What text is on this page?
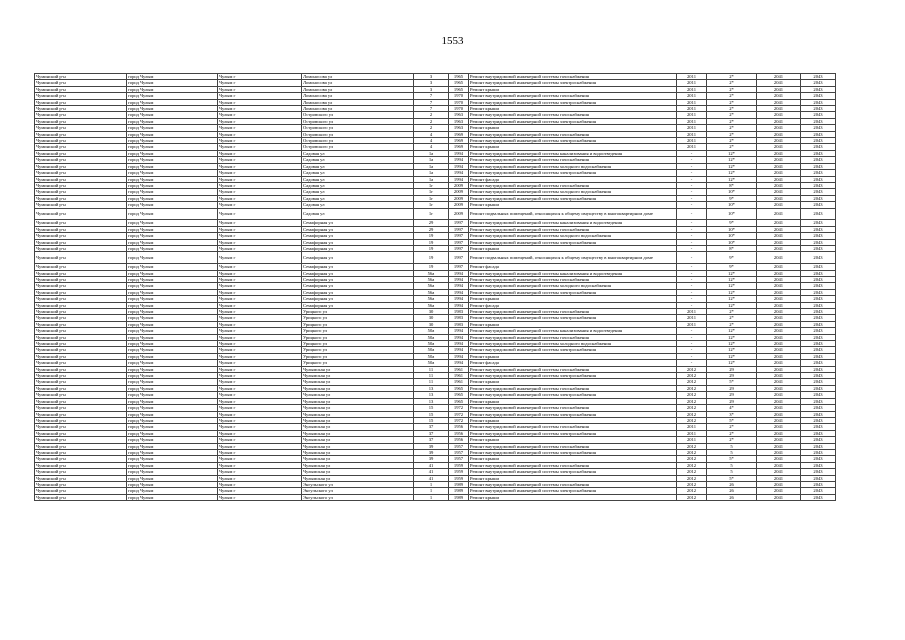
1553
Чуминский р-н	город Чулым	Чулым г	Ломоносова ул	3	1965	Ремонт внутридомовой инженерной системы газоснабжения	2011	2*	2041	2043
Чуминский р-н	город Чулым	Чулым г	Ломоносова ул	3	1965	Ремонт внутридомовой инженерной системы электроснабжения	2011	2*	2041	2043
Чуминский р-н	город Чулым	Чулым г	Ломоносова ул	3	1965	Ремонт крыши	2011	2*	2041	2043
Чуминский р-н	город Чулым	Чулым г	Ломоносова ул	7	1970	Ремонт внутридомовой инженерной системы газоснабжения	2011	2*	2041	2043
Чуминский р-н	город Чулым	Чулым г	Ломоносова ул	7	1970	Ремонт внутридомовой инженерной системы электроснабжения	2011	2*	2041	2043
Чуминский р-н	город Чулым	Чулым г	Ломоносова ул	7	1970	Ремонт крыши	2011	2*	2041	2043
Чуминский р-н	город Чулым	Чулым г	Островского ул	2	1963	Ремонт внутридомовой инженерной системы газоснабжения	2011	2*	2041	2043
Чуминский р-н	город Чулым	Чулым г	Островского ул	2	1963	Ремонт внутридомовой инженерной системы электроснабжения	2011	2*	2041	2043
Чуминский р-н	город Чулым	Чулым г	Островского ул	2	1963	Ремонт крыши	2011	2*	2041	2043
Чуминский р-н	город Чулым	Чулым г	Островского ул	4	1969	Ремонт внутридомовой инженерной системы газоснабжения	2011	2*	2041	2043
Чуминский р-н	город Чулым	Чулым г	Островского ул	4	1969	Ремонт внутридомовой инженерной системы электроснабжения	2011	2*	2041	2043
Чуминский р-н	город Чулым	Чулым г	Островского ул	4	1969	Ремонт крыши	2011	2*	2041	2043
Чуминский р-н	город Чулым	Чулым г	Садовая ул	1а	1994	Ремонт внутридомовой инженерной системы канализования и водоотведения	-	12*	2041	2043
Чуминский р-н	город Чулым	Чулым г	Садовая ул	1а	1994	Ремонт внутридомовой инженерной системы газоснабжения	-	12*	2041	2043
Чуминский р-н	город Чулым	Чулым г	Садовая ул	1а	1994	Ремонт внутридомовой инженерной системы холодного водоснабжения	-	12*	2041	2043
Чуминский р-н	город Чулым	Чулым г	Садовая ул	1а	1994	Ремонт внутридомовой инженерной системы электроснабжения	-	12*	2041	2043
Чуминский р-н	город Чулым	Чулым г	Садовая ул	1а	1994	Ремонт фасада	-	12*	2041	2043
Чуминский р-н	город Чулым	Чулым г	Садовая ул	1г	2009	Ремонт внутридомовой инженерной системы газоснабжения	-	8*	2041	2043
Чуминский р-н	город Чулым	Чулым г	Садовая ул	1г	2009	Ремонт внутридомовой инженерной системы холодного водоснабжения	-	10*	2041	2043
Чуминский р-н	город Чулым	Чулым г	Садовая ул	1г	2009	Ремонт внутридомовой инженерной системы электроснабжения	-	9*	2041	2043
Чуминский р-н	город Чулым	Чулым г	Садовая ул	1г	2009	Ремонт крыши	-	10*	2041	2043
Чуминский р-н	город Чулым	Чулым г	Садовая ул	1г	2009	Ремонт подвальных помещений, относящихся к общему имуществу в многоквартирном доме	-	10*	2041	2043
Чуминский р-н	город Чулым	Чулым г	Семафорная ул	29	1997	Ремонт внутридомовой инженерной системы канализования и водоотведения	-	9*	2041	2043
Чуминский р-н	город Чулым	Чулым г	Семафорная ул	29	1997	Ремонт внутридомовой инженерной системы газоснабжения	-	10*	2041	2043
Чуминский р-н	город Чулым	Чулым г	Семафорная ул	19	1997	Ремонт внутридомовой инженерной системы холодного водоснабжения	-	10*	2041	2043
Чуминский р-н	город Чулым	Чулым г	Семафорная ул	19	1997	Ремонт внутридомовой инженерной системы электроснабжения	-	10*	2041	2043
Чуминский р-н	город Чулым	Чулым г	Семафорная ул	19	1997	Ремонт крыши	-	8*	2041	2043
Чуминский р-н	город Чулым	Чулым г	Семафорная ул	19	1997	Ремонт подвальных помещений, относящихся к общему имуществу в многоквартирном доме	-	9*	2041	2043
Чуминский р-н	город Чулым	Чулым г	Семафорная ул	19	1997	Ремонт фасада	-	9*	2041	2043
Чуминский р-н	город Чулым	Чулым г	Семафорная ул	56а	1994	Ремонт внутридомовой инженерной системы канализования и водоотведения	-	12*	2041	2043
Чуминский р-н	город Чулым	Чулым г	Семафорная ул	56а	1994	Ремонт внутридомовой инженерной системы газоснабжения	-	12*	2041	2043
Чуминский р-н	город Чулым	Чулым г	Семафорная ул	56а	1994	Ремонт внутридомовой инженерной системы холодного водоснабжения	-	12*	2041	2043
Чуминский р-н	город Чулым	Чулым г	Семафорная ул	56а	1994	Ремонт внутридомовой инженерной системы электроснабжения	-	12*	2041	2043
Чуминский р-н	город Чулым	Чулым г	Семафорная ул	56а	1994	Ремонт крыши	-	12*	2041	2043
Чуминский р-н	город Чулым	Чулым г	Семафорная ул	56а	1994	Ремонт фасада	-	12*	2041	2043
Чуминский р-н	город Чулым	Чулым г	Урицкого ул	30	1983	Ремонт внутридомовой инженерной системы газоснабжения	2011	2*	2041	2043
Чуминский р-н	город Чулым	Чулым г	Урицкого ул	30	1983	Ремонт внутридомовой инженерной системы электроснабжения	2011	2*	2041	2043
Чуминский р-н	город Чулым	Чулым г	Урицкого ул	30	1983	Ремонт крыши	2011	2*	2041	2043
Чуминский р-н	город Чулым	Чулым г	Урицкого ул	50а	1994	Ремонт внутридомовой инженерной системы канализования и водоотведения	-	12*	2041	2043
Чуминский р-н	город Чулым	Чулым г	Урицкого ул	50а	1994	Ремонт внутридомовой инженерной системы газоснабжения	-	12*	2041	2043
Чуминский р-н	город Чулым	Чулым г	Урицкого ул	50а	1994	Ремонт внутридомовой инженерной системы холодного водоснабжения	-	12*	2041	2043
Чуминский р-н	город Чулым	Чулым г	Урицкого ул	50а	1994	Ремонт внутридомовой инженерной системы электроснабжения	-	12*	2041	2043
Чуминский р-н	город Чулым	Чулым г	Урицкого ул	50а	1994	Ремонт крыши	-	12*	2041	2043
Чуминский р-н	город Чулым	Чулым г	Урицкого ул	50а	1994	Ремонт фасада	-	12*	2041	2043
Чуминский р-н	город Чулым	Чулым г	Чулымская ул	11	1961	Ремонт внутридомовой инженерной системы газоснабжения	2012	29	2041	2043
Чуминский р-н	город Чулым	Чулым г	Чулымская ул	11	1961	Ремонт внутридомовой инженерной системы электроснабжения	2012	29	2041	2043
Чуминский р-н	город Чулым	Чулым г	Чулымская ул	11	1961	Ремонт крыши	2012	5*	2041	2043
Чуминский р-н	город Чулым	Чулым г	Чулымская ул	13	1965	Ремонт внутридомовой инженерной системы газоснабжения	2012	29	2041	2043
Чуминский р-н	город Чулым	Чулым г	Чулымская ул	13	1965	Ремонт внутридомовой инженерной системы электроснабжения	2012	29	2041	2043
Чуминский р-н	город Чулым	Чулым г	Чулымская ул	13	1965	Ремонт крыши	2012	29	2041	2043
Чуминский р-н	город Чулым	Чулым г	Чулымская ул	15	1972	Ремонт внутридомовой инженерной системы газоснабжения	2012	4*	2041	2043
Чуминский р-н	город Чулым	Чулым г	Чулымская ул	15	1972	Ремонт внутридомовой инженерной системы электроснабжения	2012	3*	2041	2043
Чуминский р-н	город Чулым	Чулым г	Чулымская ул	15	1972	Ремонт крыши	2012	5*	2041	2043
Чуминский р-н	город Чулым	Чулым г	Чулымская ул	37	1956	Ремонт внутридомовой инженерной системы газоснабжения	2011	2*	2041	2043
Чуминский р-н	город Чулым	Чулым г	Чулымская ул	37	1956	Ремонт внутридомовой инженерной системы электроснабжения	2011	2*	2041	2043
Чуминский р-н	город Чулым	Чулым г	Чулымская ул	37	1956	Ремонт крыши	2011	2*	2041	2043
Чуминский р-н	город Чулым	Чулым г	Чулымская ул	39	1957	Ремонт внутридомовой инженерной системы газоснабжения	2012	5	2041	2043
Чуминский р-н	город Чулым	Чулым г	Чулымская ул	39	1957	Ремонт внутридомовой инженерной системы электроснабжения	2012	5	2041	2043
Чуминский р-н	город Чулым	Чулым г	Чулымская ул	39	1957	Ремонт крыши	2012	5*	2041	2043
Чуминский р-н	город Чулым	Чулым г	Чулымская ул	41	1959	Ремонт внутридомовой инженерной системы газоснабжения	2012	5	2041	2043
Чуминский р-н	город Чулым	Чулым г	Чулымская ул	41	1959	Ремонт внутридомовой инженерной системы электроснабжения	2012	5	2041	2043
Чуминский р-н	город Чулым	Чулым г	Чулымская ул	41	1959	Ремонт крыши	2012	5*	2041	2043
Чуминский р-н	город Чулым	Чулым г	Энгульского ул	1	1989	Ремонт внутридомовой инженерной системы газоснабжения	2012	26	2041	2043
Чуминский р-н	город Чулым	Чулым г	Энгульского ул	1	1989	Ремонт внутридомовой инженерной системы электроснабжения	2012	26	2041	2043
Чуминский р-н	город Чулым	Чулым г	Энгульского ул	1	1989	Ремонт крыши	2012	26	2041	2043
